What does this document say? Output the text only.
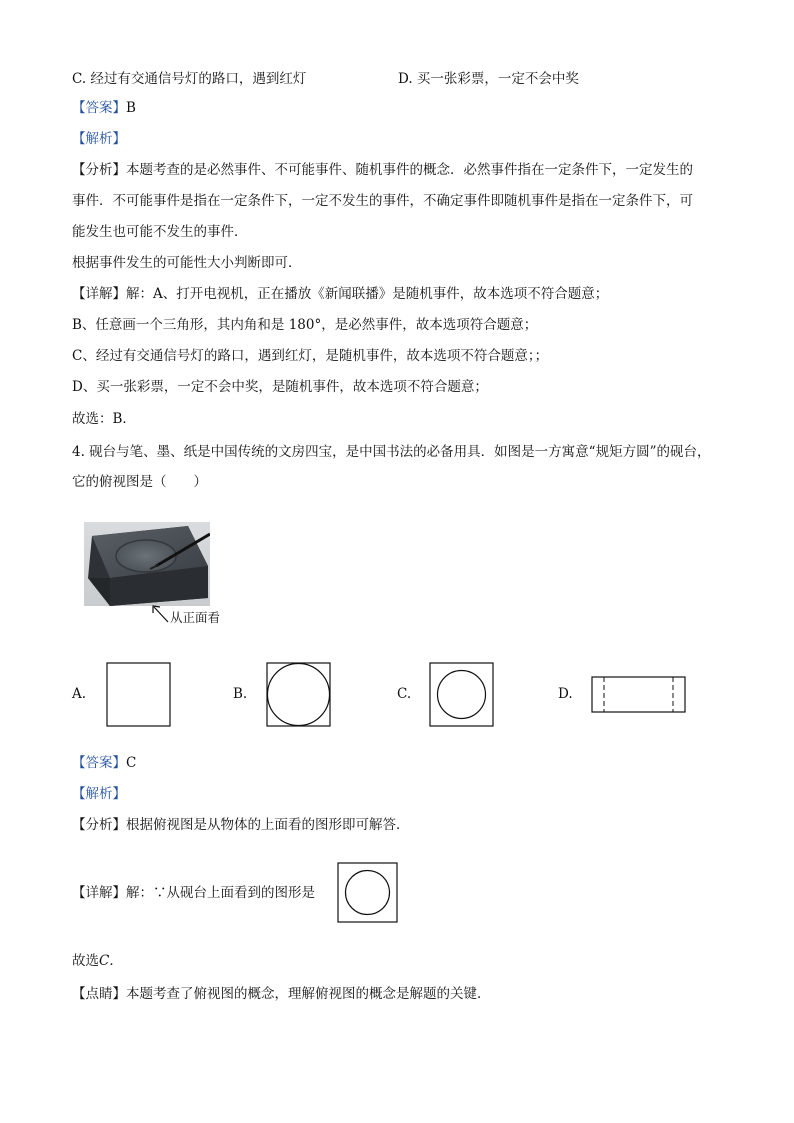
C. 经过有交通信号灯的路口，遇到红灯	D. 买一张彩票，一定不会中奖
【答案】B
【解析】
【分析】本题考查的是必然事件、不可能事件、随机事件的概念．必然事件指在一定条件下，一定发生的
事件．不可能事件是指在一定条件下，一定不发生的事件，不确定事件即随机事件是指在一定条件下，可
能发生也可能不发生的事件．
根据事件发生的可能性大小判断即可．
【详解】解：A、打开电视机，正在播放《新闻联播》是随机事件，故本选项不符合题意；
B、任意画一个三角形，其内角和是 180°，是必然事件，故本选项符合题意；
C、经过有交通信号灯的路口，遇到红灯，是随机事件，故本选项不符合题意；；
D、买一张彩票，一定不会中奖，是随机事件，故本选项不符合题意；
故选：B．
4. 砚台与笔、墨、纸是中国传统的文房四宝，是中国书法的必备用具．如图是一方寓意“规矩方圆”的砚台，
它的俯视图是（　　）
从正面看
A.	B.	C.	D.
【答案】C
【解析】
【分析】根据俯视图是从物体的上面看的图形即可解答．
【详解】解：∵从砚台上面看到的图形是
故选C．
【点睛】本题考查了俯视图的概念，理解俯视图的概念是解题的关键．
